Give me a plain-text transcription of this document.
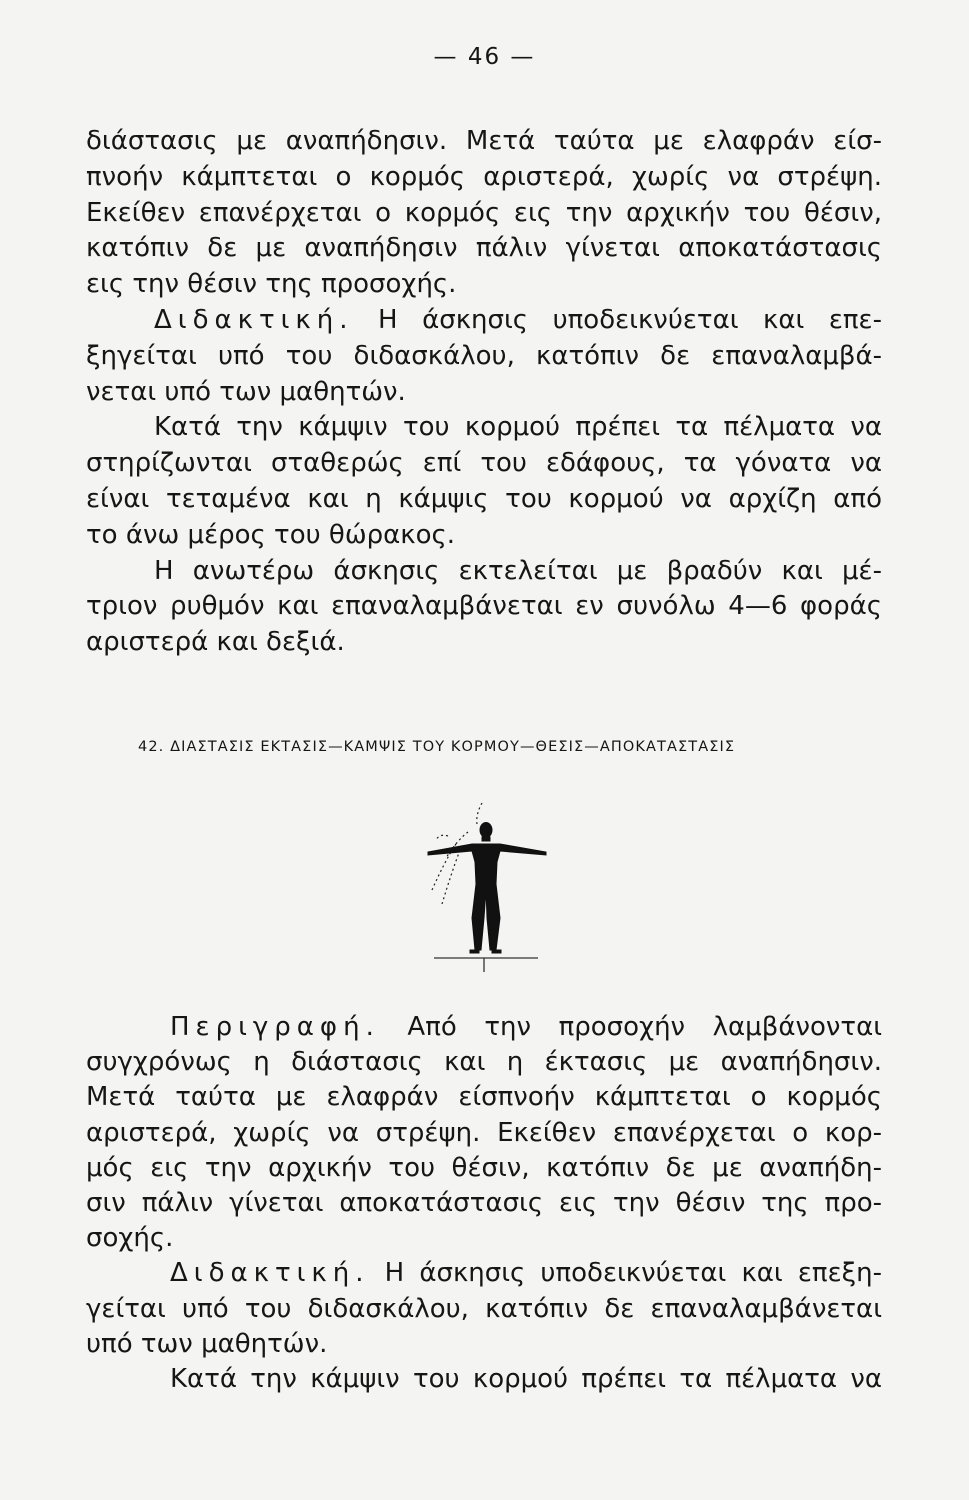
— 46 —
διάστασις με αναπήδησιν. Μετά ταύτα με ελαφράν είσ-
πνοήν κάμπτεται ο κορμός αριστερά, χωρίς να στρέψη.
Εκείθεν επανέρχεται ο κορμός εις την αρχικήν του θέσιν,
κατόπιν δε με αναπήδησιν πάλιν γίνεται αποκατάστασις
εις την θέσιν της προσοχής.
Διδακτική. Η άσκησις υποδεικνύεται και επε-
ξηγείται υπό του διδασκάλου, κατόπιν δε επαναλαμβά-
νεται υπό των μαθητών.
Κατά την κάμψιν του κορμού πρέπει τα πέλματα να
στηρίζωνται σταθερώς επί του εδάφους, τα γόνατα να
είναι τεταμένα και η κάμψις του κορμού να αρχίζη από
το άνω μέρος του θώρακος.
Η ανωτέρω άσκησις εκτελείται με βραδύν και μέ-
τριον ρυθμόν και επαναλαμβάνεται εν συνόλω 4—6 φοράς
αριστερά και δεξιά.
42. ΔΙΑΣΤΑΣΙΣ ΕΚΤΑΣΙΣ—ΚΑΜΨΙΣ ΤΟΥ ΚΟΡΜΟΥ—ΘΕΣΙΣ—ΑΠΟΚΑΤΑΣΤΑΣΙΣ
Περιγραφή. Από την προσοχήν λαμβάνονται
συγχρόνως η διάστασις και η έκτασις με αναπήδησιν.
Μετά ταύτα με ελαφράν είσπνοήν κάμπτεται ο κορμός
αριστερά, χωρίς να στρέψη. Εκείθεν επανέρχεται ο κορ-
μός εις την αρχικήν του θέσιν, κατόπιν δε με αναπήδη-
σιν πάλιν γίνεται αποκατάστασις εις την θέσιν της προ-
σοχής.
Διδακτική. Η άσκησις υποδεικνύεται και επεξη-
γείται υπό του διδασκάλου, κατόπιν δε επαναλαμβάνεται
υπό των μαθητών.
Κατά την κάμψιν του κορμού πρέπει τα πέλματα να
